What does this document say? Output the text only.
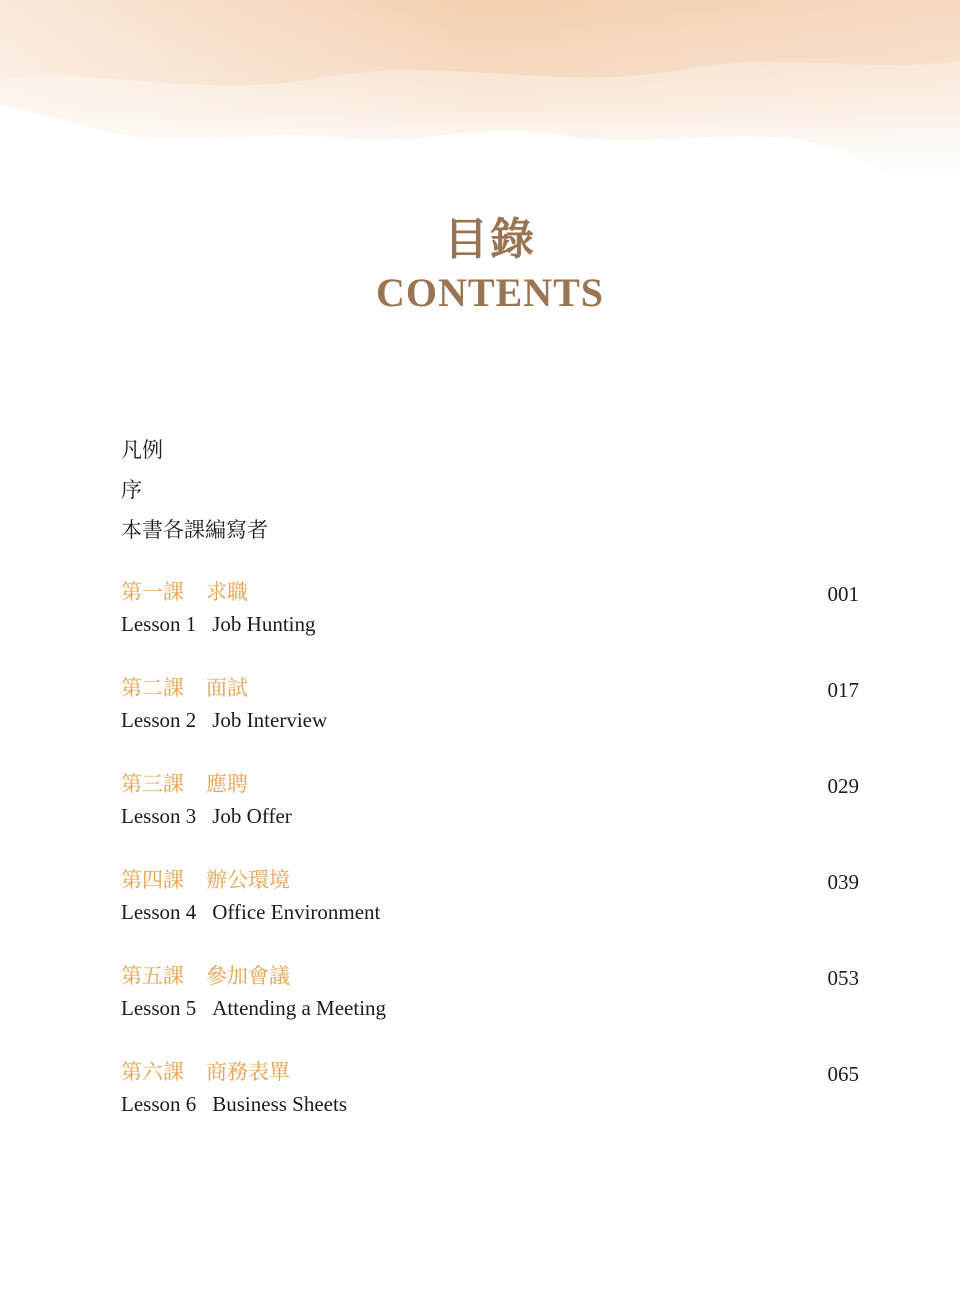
目錄
CONTENTS
凡例
序
本書各課編寫者
第一課 求職
Lesson 1 Job Hunting
001
第二課 面試
Lesson 2 Job Interview
017
第三課 應聘
Lesson 3 Job Offer
029
第四課 辦公環境
Lesson 4 Office Environment
039
第五課 參加會議
Lesson 5 Attending a Meeting
053
第六課 商務表單
Lesson 6 Business Sheets
065
